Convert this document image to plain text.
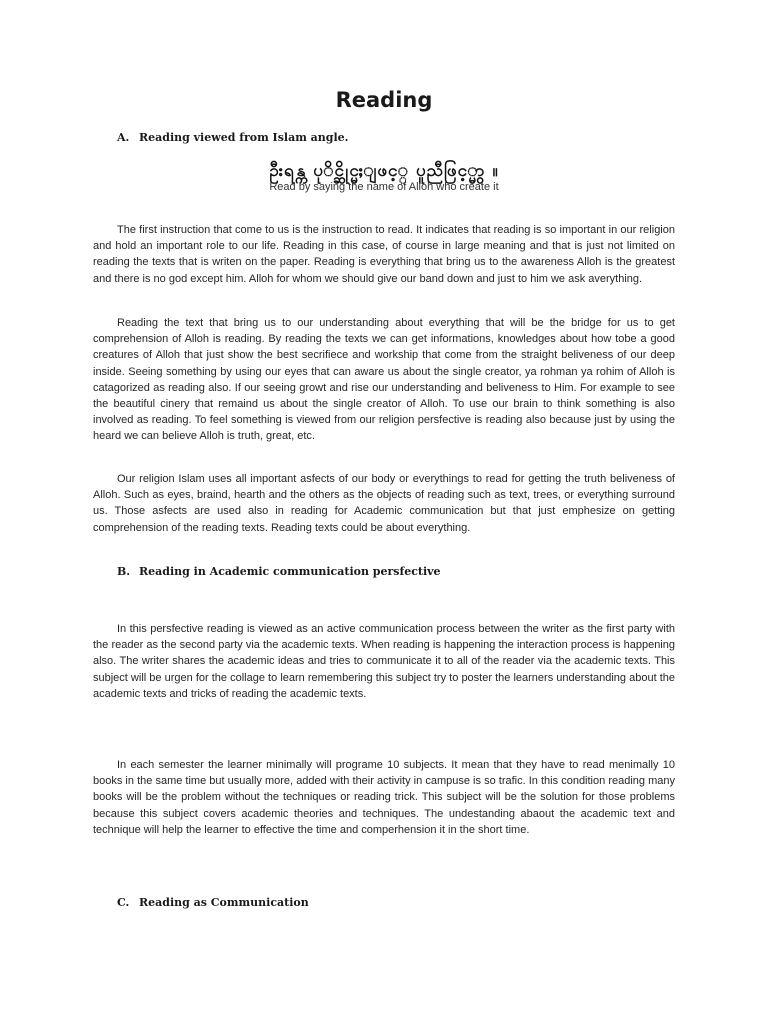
Reading
A. Reading viewed from Islam angle.
ဦးရန္က ပုိင္ဆိုင္မႈျဖင့္ ပူညီဖြင့္မွာ ။
Read by saying the name of Alloh who create it

The first instruction that come to us is the instruction to read. It indicates that reading is so important in our religion and hold an important role to our life. Reading in this case, of course in large meaning and that is just not limited on reading the texts that is writen on the paper. Reading is everything that bring us to the awareness Alloh is the greatest and there is no god except him. Alloh for whom we should give our band down and just to him we ask averything.

Reading the text that bring us to our understanding about everything that will be the bridge for us to get comprehension of Alloh is reading. By reading the texts we can get informations, knowledges about how tobe a good creatures of Alloh that just show the best secrifiece and workship that come from the straight beliveness of our deep inside. Seeing something by using our eyes that can aware us about the single creator, ya rohman ya rohim of Alloh is catagorized as reading also. If our seeing growt and rise our understanding and beliveness to Him. For example to see the beautiful cinery that remaind us about the single creator of Alloh. To use our brain to think something is also involved as reading. To feel something is viewed from our religion persfective is reading also because just by using the heard we can believe Alloh is truth, great, etc.

Our religion Islam uses all important asfects of our body or everythings to read for getting the truth beliveness of Alloh. Such as eyes, braind, hearth and the others as the objects of reading such as text, trees, or everything surround us. Those asfects are used also in reading for Academic communication but that just emphesize on getting comprehension of the reading texts. Reading texts could be about everything.

B. Reading in Academic communication persfective

In this persfective reading is viewed as an active communication process between the writer as the first party with the reader as the second party via the academic texts. When reading is happening the interaction process is happening also. The writer shares the academic ideas and tries to communicate it to all of the reader via the academic texts. This subject will be urgen for the collage to learn remembering this subject try to poster the learners understanding about the academic texts and tricks of reading the academic texts.

In each semester the learner minimally will programe 10 subjects. It mean that they have to read menimally 10 books in the same time but usually more, added with their activity in campuse is so trafic. In this condition reading many books will be the problem without the techniques or reading trick. This subject will be the solution for those problems because this subject covers academic theories and techniques. The undestanding abaout the academic text and technique will help the learner to effective the time and comperhension it in the short time.

C. Reading as Communication
